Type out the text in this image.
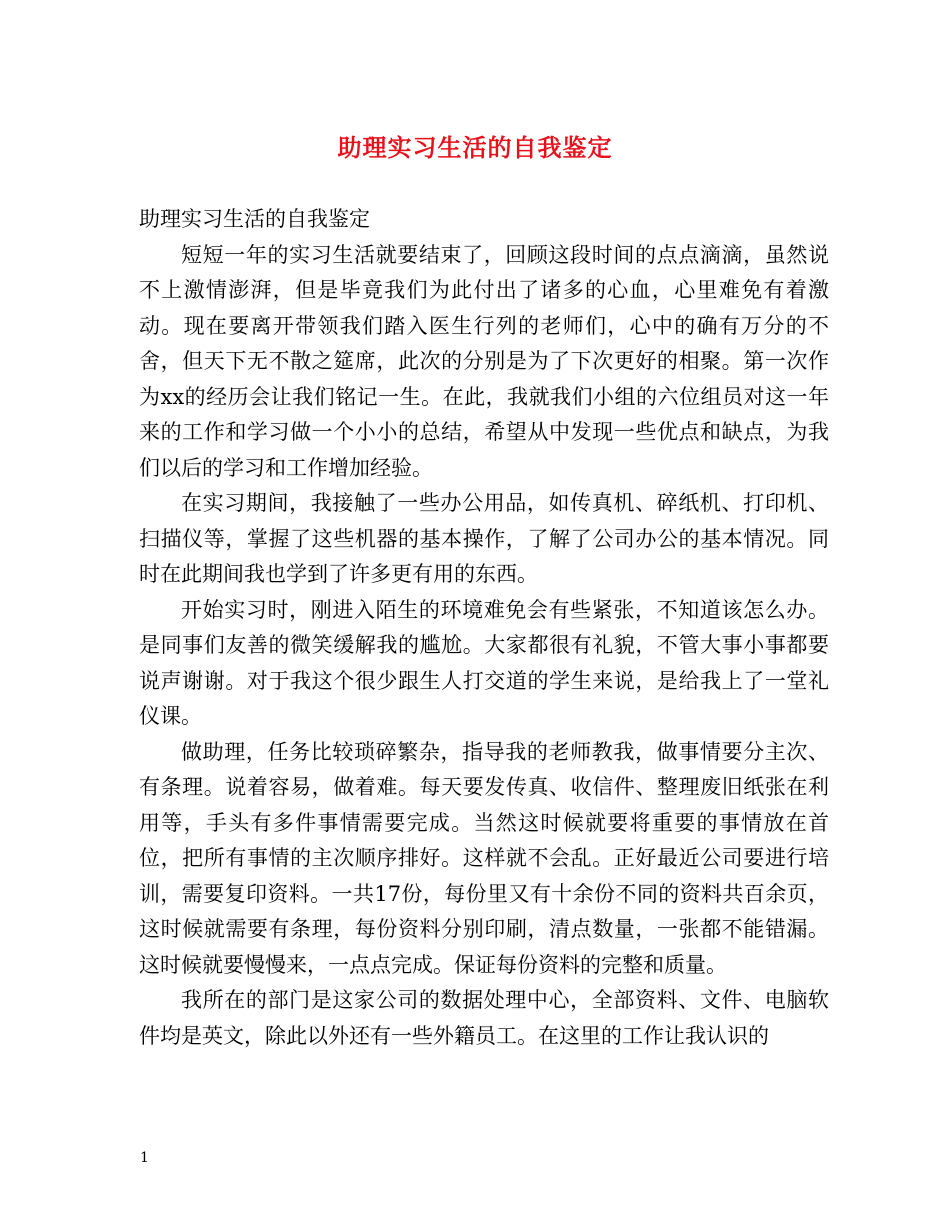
助理实习生活的自我鉴定

助理实习生活的自我鉴定

短短一年的实习生活就要结束了，回顾这段时间的点点滴滴，虽然说不上激情澎湃，但是毕竟我们为此付出了诸多的心血，心里难免有着激动。现在要离开带领我们踏入医生行列的老师们，心中的确有万分的不舍，但天下无不散之筵席，此次的分别是为了下次更好的相聚。第一次作为xx的经历会让我们铭记一生。在此，我就我们小组的六位组员对这一年来的工作和学习做一个小小的总结，希望从中发现一些优点和缺点，为我们以后的学习和工作增加经验。

在实习期间，我接触了一些办公用品，如传真机、碎纸机、打印机、扫描仪等，掌握了这些机器的基本操作，了解了公司办公的基本情况。同时在此期间我也学到了许多更有用的东西。

开始实习时，刚进入陌生的环境难免会有些紧张，不知道该怎么办。是同事们友善的微笑缓解我的尴尬。大家都很有礼貌，不管大事小事都要说声谢谢。对于我这个很少跟生人打交道的学生来说，是给我上了一堂礼仪课。

做助理，任务比较琐碎繁杂，指导我的老师教我，做事情要分主次、有条理。说着容易，做着难。每天要发传真、收信件、整理废旧纸张在利用等，手头有多件事情需要完成。当然这时候就要将重要的事情放在首位，把所有事情的主次顺序排好。这样就不会乱。正好最近公司要进行培训，需要复印资料。一共17份，每份里又有十余份不同的资料共百余页，这时候就需要有条理，每份资料分别印刷，清点数量，一张都不能错漏。这时候就要慢慢来，一点点完成。保证每份资料的完整和质量。

我所在的部门是这家公司的数据处理中心，全部资料、文件、电脑软件均是英文，除此以外还有一些外籍员工。在这里的工作让我认识的

1
